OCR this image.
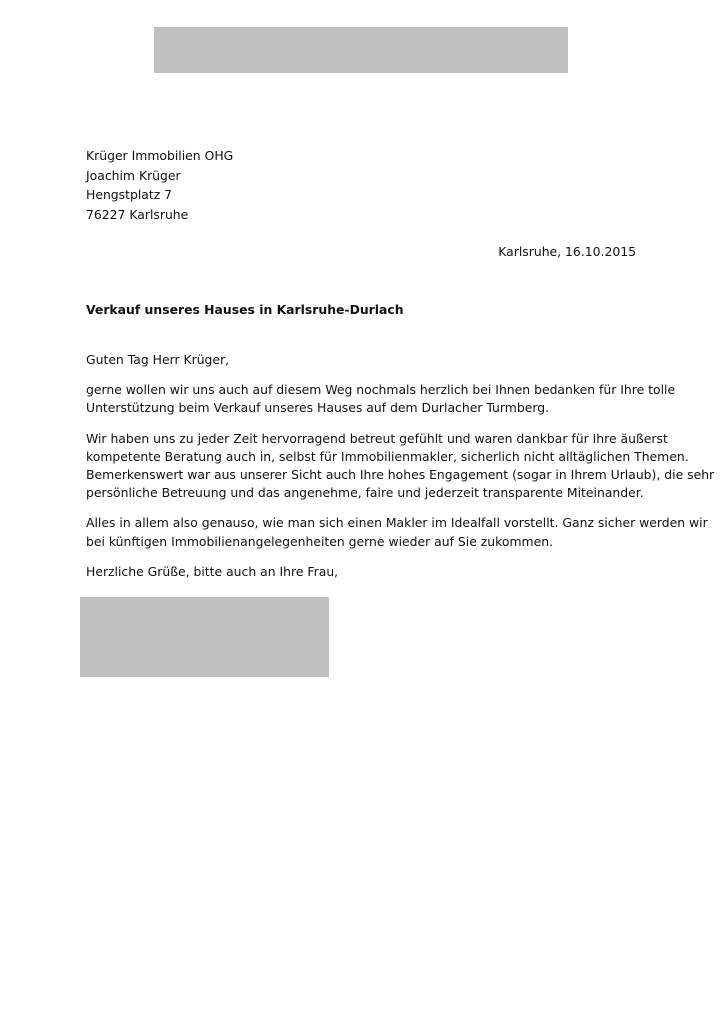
Krüger Immobilien OHG
Joachim Krüger
Hengstplatz 7
76227 Karlsruhe
Karlsruhe, 16.10.2015
Verkauf unseres Hauses in Karlsruhe-Durlach

Guten Tag Herr Krüger,

gerne wollen wir uns auch auf diesem Weg nochmals herzlich bei Ihnen bedanken für Ihre tolle
Unterstützung beim Verkauf unseres Hauses auf dem Durlacher Turmberg.

Wir haben uns zu jeder Zeit hervorragend betreut gefühlt und waren dankbar für Ihre äußerst
kompetente Beratung auch in, selbst für Immobilienmakler, sicherlich nicht alltäglichen Themen.
Bemerkenswert war aus unserer Sicht auch Ihre hohes Engagement (sogar in Ihrem Urlaub), die sehr
persönliche Betreuung und das angenehme, faire und jederzeit transparente Miteinander.

Alles in allem also genauso, wie man sich einen Makler im Idealfall vorstellt. Ganz sicher werden wir
bei künftigen Immobilienangelegenheiten gerne wieder auf Sie zukommen.

Herzliche Grüße, bitte auch an Ihre Frau,
